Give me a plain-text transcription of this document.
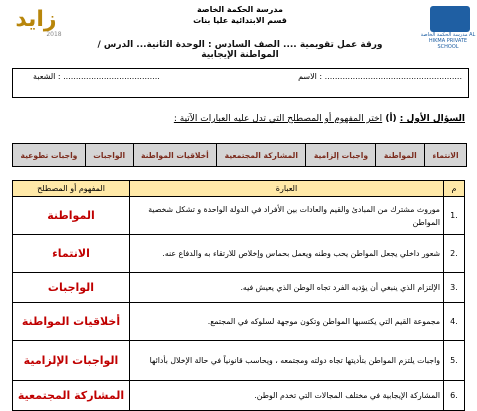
مدرسة الحكمة الخاصة AL HIKMA PRIVATE SCHOOL
زايد
2018
مدرسة الحكمة الخاصة
قسم الابتدائية عليا بنات
ورقة عمل تقويمية .... الصف السادس : الوحدة الثانية... الدرس / المواطنة الإيجابية
الاسم : ......................................................
الشعبة : ......................................
السؤال الأول : (أ) اختر المفهوم أو المصطلح التي تدل عليه العبارات الآتية :
الانتماء
المواطنة
واجبات إلزامية
المشاركة المجتمعية
أخلاقيات المواطنة
الواجبات
واجبات تطوعية
المفهوم أو المصطلح	العبارة	م
المواطنة	موروث مشترك من المبادئ والقيم والعادات بين الأفراد في الدولة الواحدة و تشكل شخصية المواطن	1.
الانتماء	شعور داخلي يجعل المواطن يحب وطنه ويعمل بحماس وإخلاص للارتقاء به والدفاع عنه.	2.
الواجبات	الإلتزام الذي ينبغي أن يؤديه الفرد تجاه الوطن الذي يعيش فيه.	3.
أخلاقيات المواطنة	مجموعة القيم التي يكتسبها المواطن وتكون موجهة لسلوكه في المجتمع.	4.
الواجبات الإلزامية	واجبات يلتزم المواطن بتأديتها تجاه دولته ومجتمعه ، ويحاسب قانونياً في حالة الإخلال بأدائها	5.
المشاركة المجتمعية	المشاركة الإيجابية في مختلف المجالات التي تخدم الوطن.	6.
